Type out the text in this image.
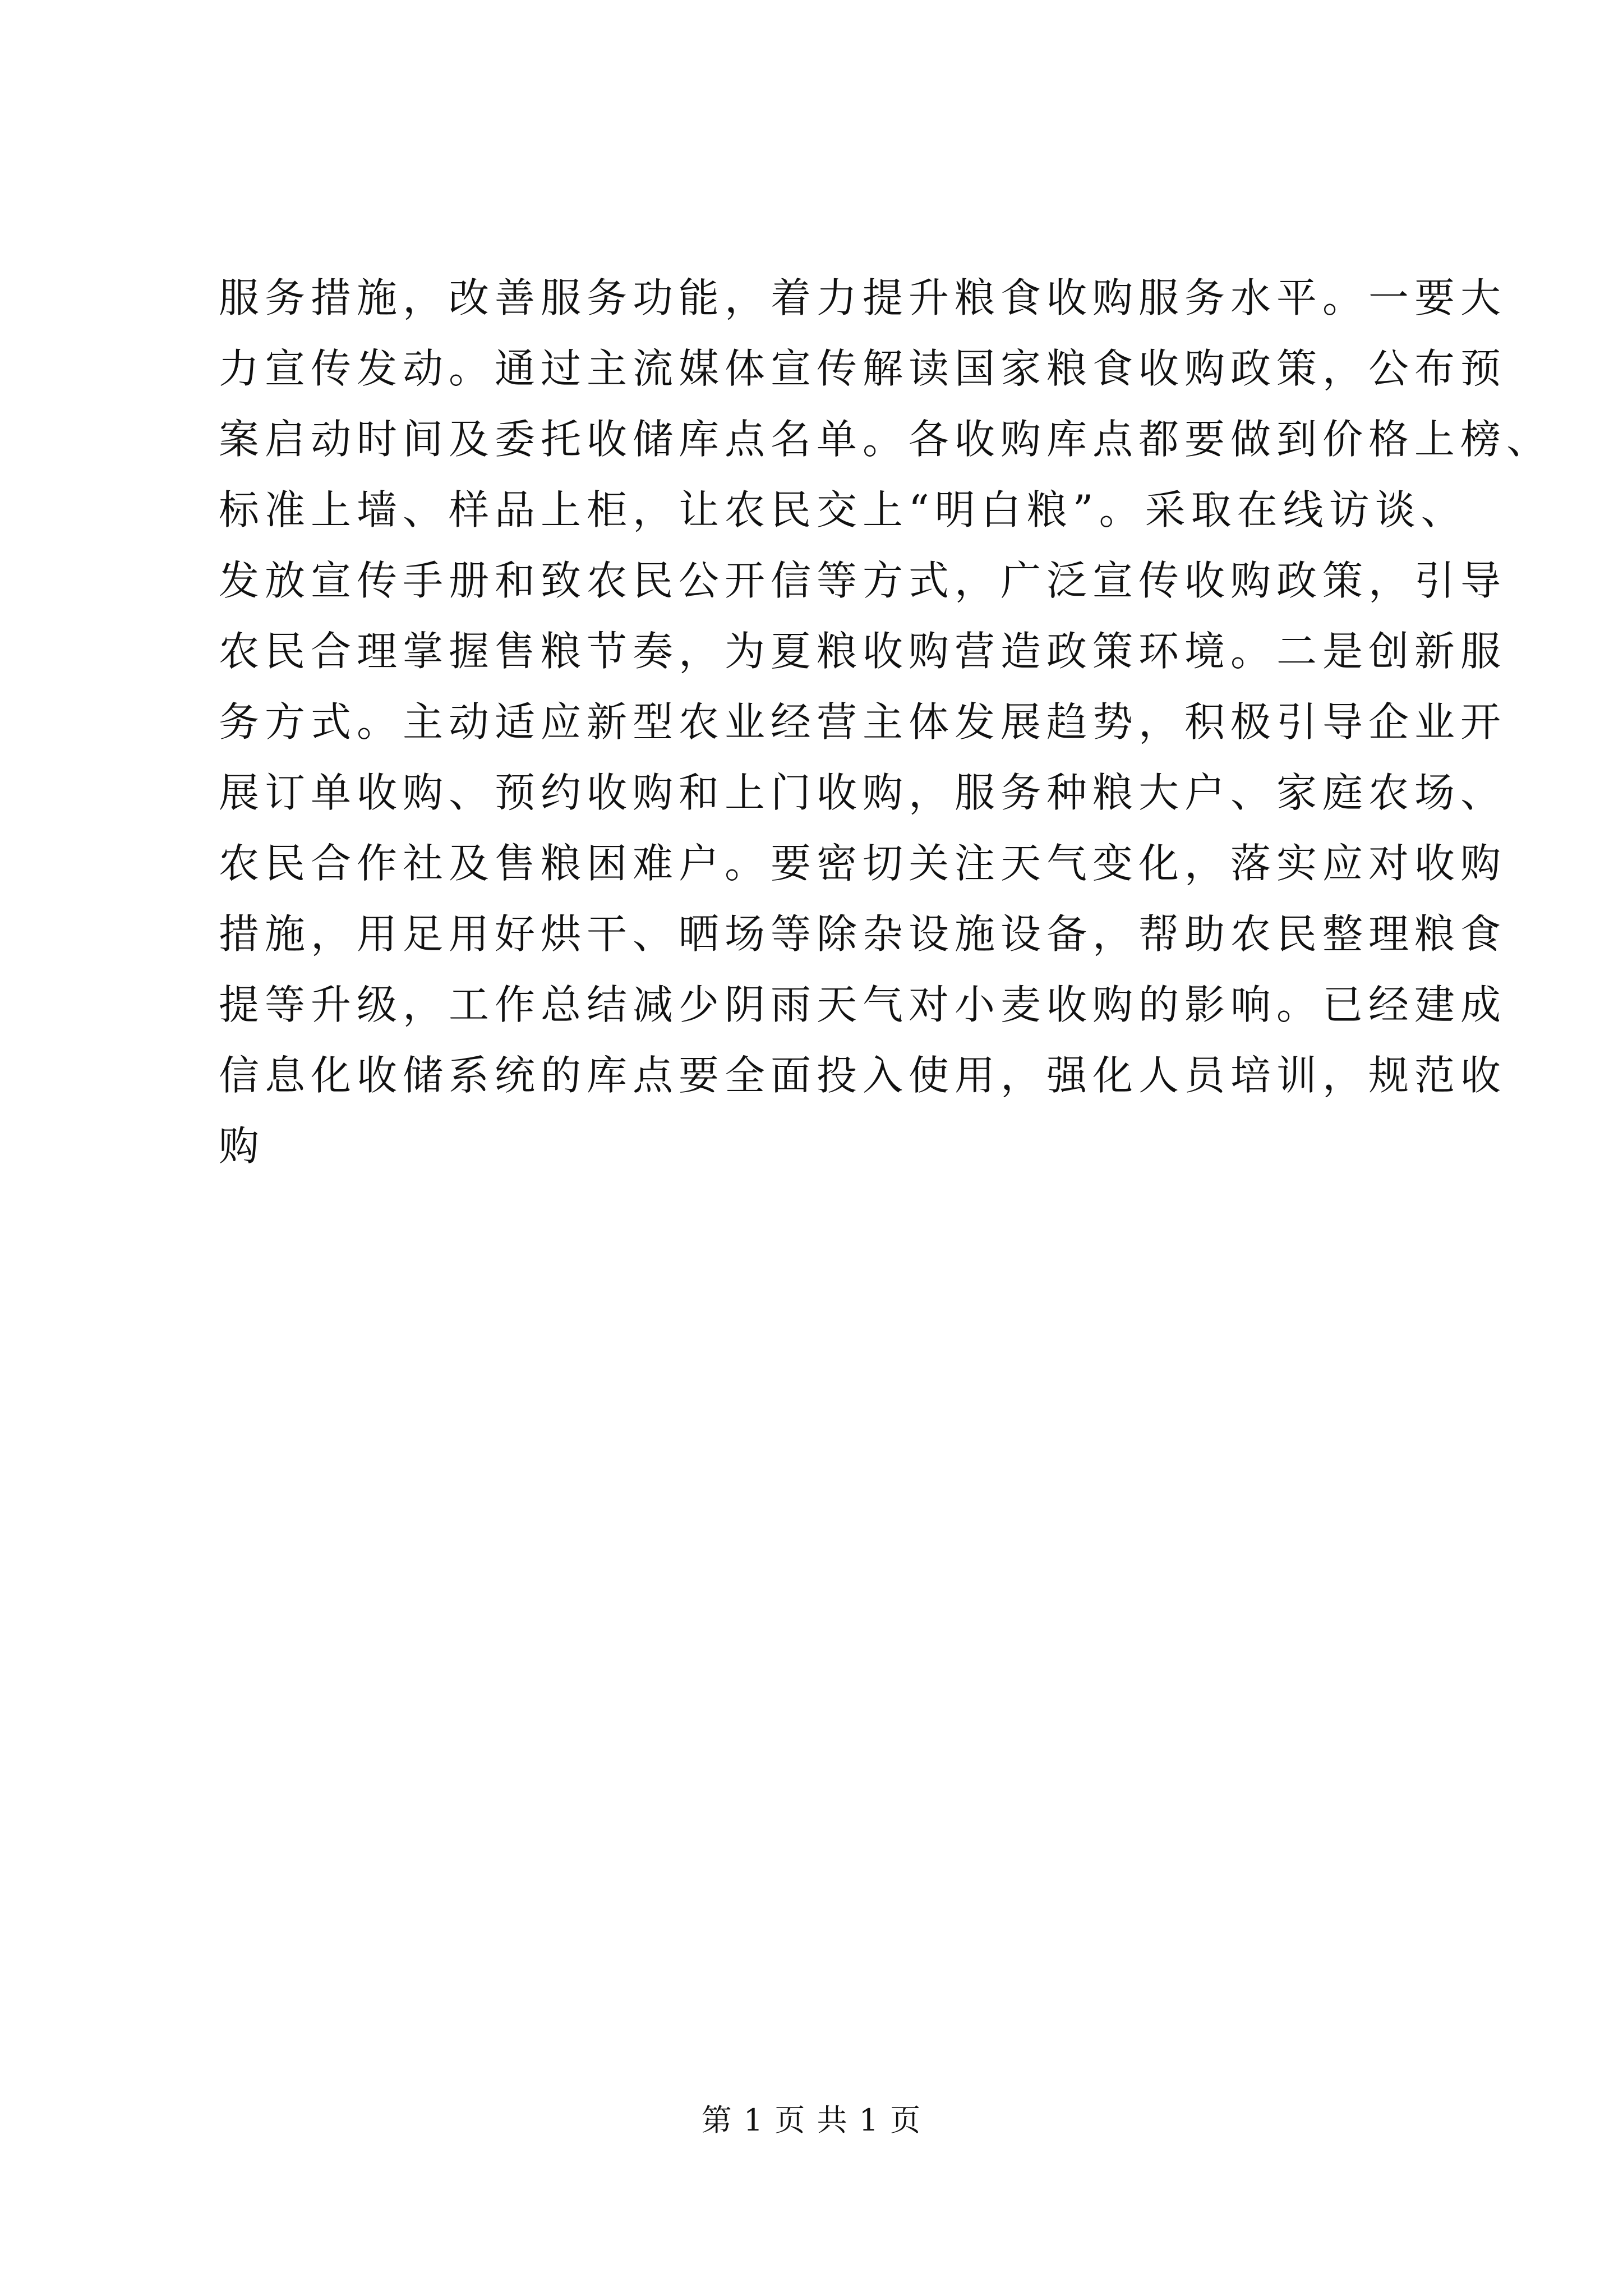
服务措施，改善服务功能，着力提升粮食收购服务水平。一要大
力宣传发动。通过主流媒体宣传解读国家粮食收购政策，公布预
案启动时间及委托收储库点名单。各收购库点都要做到价格上榜、
标准上墙、样品上柜，让农民交上“明白粮”。采取在线访谈、
发放宣传手册和致农民公开信等方式，广泛宣传收购政策，引导
农民合理掌握售粮节奏，为夏粮收购营造政策环境。二是创新服
务方式。主动适应新型农业经营主体发展趋势，积极引导企业开
展订单收购、预约收购和上门收购，服务种粮大户、家庭农场、
农民合作社及售粮困难户。要密切关注天气变化，落实应对收购
措施，用足用好烘干、晒场等除杂设施设备，帮助农民整理粮食
提等升级，工作总结减少阴雨天气对小麦收购的影响。已经建成
信息化收储系统的库点要全面投入使用，强化人员培训，规范收
购
第 1 页 共 1 页
